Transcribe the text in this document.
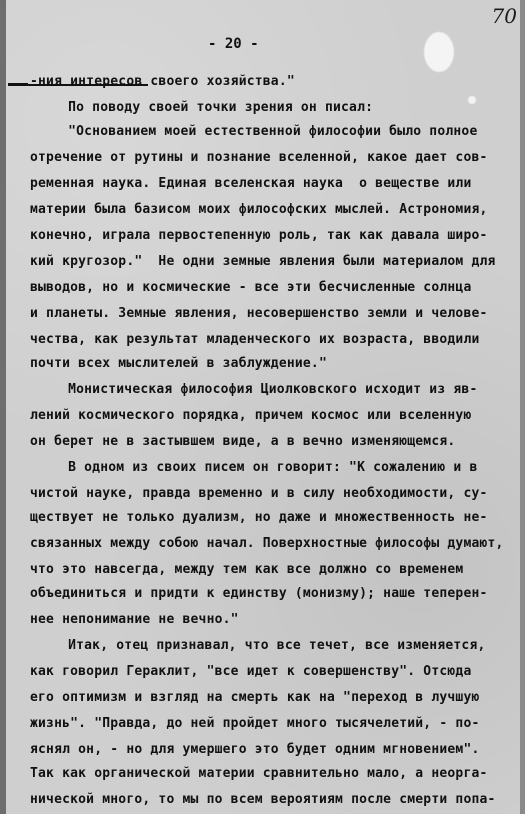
70
- 20 -
-ния интересов своего хозяйства."
По поводу своей точки зрения он писал:
"Основанием моей естественной философии было полное
отречение от рутины и познание вселенной, какое дает сов-
ременная наука. Единая вселенская наука  о веществе или
материи была базисом моих философских мыслей. Астрономия,
конечно, играла первостепенную роль, так как давала широ-
кий кругозор."  Не одни земные явления были материалом для
выводов, но и космические - все эти бесчисленные солнца
и планеты. Земные явления, несовершенство земли и челове-
чества, как результат младенческого их возраста, вводили
почти всех мыслителей в заблуждение."
Монистическая философия Циолковского исходит из яв-
лений космического порядка, причем космос или вселенную
он берет не в застывшем виде, а в вечно изменяющемся.
В одном из своих писем он говорит: "К сожалению и в
чистой науке, правда временно и в силу необходимости, су-
ществует не только дуализм, но даже и множественность не-
связанных между собою начал. Поверхностные философы думают,
что это навсегда, между тем как все должно со временем
объединиться и придти к единству (монизму); наше теперен-
нее непонимание не вечно."
Итак, отец признавал, что все течет, все изменяется,
как говорил Гераклит, "все идет к совершенству". Отсюда
его оптимизм и взгляд на смерть как на "переход в лучшую
жизнь". "Правда, до ней пройдет много тысячелетий, - по-
яснял он, - но для умершего это будет одним мгновением".
Так как органической материи сравнительно мало, а неорга-
нической много, то мы по всем вероятиям после смерти попа-
